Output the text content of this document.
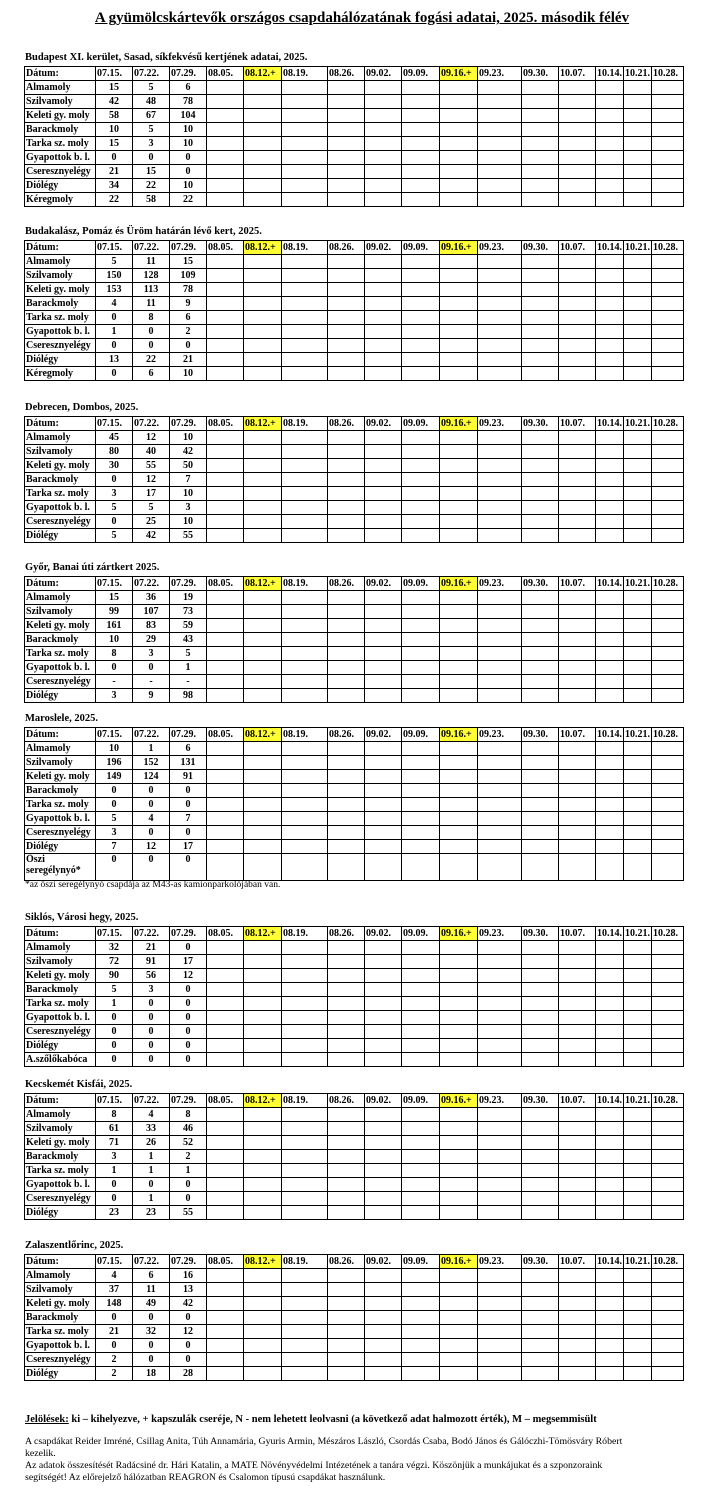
A gyümölcskártevők országos csapdahálózatának fogási adatai, 2025. második félév
Budapest XI. kerület, Sasad, síkfekvésű kertjének adatai, 2025.
Dátum:	07.15.	07.22.	07.29.	08.05.	08.12.+	08.19.	08.26.	09.02.	09.09.	09.16.+	09.23.	09.30.	10.07.	10.14.	10.21.	10.28.
Almamoly	15	5	6													
Szilvamoly	42	48	78													
Keleti gy. moly	58	67	104													
Barackmoly	10	5	10													
Tarka sz. moly	15	3	10													
Gyapottok b. l.	0	0	0													
Cseresznyelégy	21	15	0													
Diólégy	34	22	10													
Kéregmoly	22	58	22													
Budakalász, Pomáz és Üröm határán lévő kert, 2025.
Dátum:	07.15.	07.22.	07.29.	08.05.	08.12.+	08.19.	08.26.	09.02.	09.09.	09.16.+	09.23.	09.30.	10.07.	10.14.	10.21.	10.28.
Almamoly	5	11	15													
Szilvamoly	150	128	109													
Keleti gy. moly	153	113	78													
Barackmoly	4	11	9													
Tarka sz. moly	0	8	6													
Gyapottok b. l.	1	0	2													
Cseresznyelégy	0	0	0													
Diólégy	13	22	21													
Kéregmoly	0	6	10													
Debrecen, Dombos, 2025.
Dátum:	07.15.	07.22.	07.29.	08.05.	08.12.+	08.19.	08.26.	09.02.	09.09.	09.16.+	09.23.	09.30.	10.07.	10.14.	10.21.	10.28.
Almamoly	45	12	10													
Szilvamoly	80	40	42													
Keleti gy. moly	30	55	50													
Barackmoly	0	12	7													
Tarka sz. moly	3	17	10													
Gyapottok b. l.	5	5	3													
Cseresznyelégy	0	25	10													
Diólégy	5	42	55													
Győr, Banai úti zártkert 2025.
Dátum:	07.15.	07.22.	07.29.	08.05.	08.12.+	08.19.	08.26.	09.02.	09.09.	09.16.+	09.23.	09.30.	10.07.	10.14.	10.21.	10.28.
Almamoly	15	36	19													
Szilvamoly	99	107	73													
Keleti gy. moly	161	83	59													
Barackmoly	10	29	43													
Tarka sz. moly	8	3	5													
Gyapottok b. l.	0	0	1													
Cseresznyelégy	-	-	-													
Diólégy	3	9	98													
Maroslele, 2025.
Dátum:	07.15.	07.22.	07.29.	08.05.	08.12.+	08.19.	08.26.	09.02.	09.09.	09.16.+	09.23.	09.30.	10.07.	10.14.	10.21.	10.28.
Almamoly	10	1	6													
Szilvamoly	196	152	131													
Keleti gy. moly	149	124	91													
Barackmoly	0	0	0													
Tarka sz. moly	0	0	0													
Gyapottok b. l.	5	4	7													
Cseresznyelégy	3	0	0													
Diólégy	7	12	17													
Őszi seregélynyó*	0	0	0													
*az őszi seregélynyó csapdája az M43-as kamionparkolójában van.
Siklós, Városi hegy, 2025.
Dátum:	07.15.	07.22.	07.29.	08.05.	08.12.+	08.19.	08.26.	09.02.	09.09.	09.16.+	09.23.	09.30.	10.07.	10.14.	10.21.	10.28.
Almamoly	32	21	0													
Szilvamoly	72	91	17													
Keleti gy. moly	90	56	12													
Barackmoly	5	3	0													
Tarka sz. moly	1	0	0													
Gyapottok b. l.	0	0	0													
Cseresznyelégy	0	0	0													
Diólégy	0	0	0													
A.szőlőkabóca	0	0	0													
Kecskemét Kisfái, 2025.
Dátum:	07.15.	07.22.	07.29.	08.05.	08.12.+	08.19.	08.26.	09.02.	09.09.	09.16.+	09.23.	09.30.	10.07.	10.14.	10.21.	10.28.
Almamoly	8	4	8													
Szilvamoly	61	33	46													
Keleti gy. moly	71	26	52													
Barackmoly	3	1	2													
Tarka sz. moly	1	1	1													
Gyapottok b. l.	0	0	0													
Cseresznyelégy	0	1	0													
Diólégy	23	23	55													
Zalaszentlőrinc, 2025.
Dátum:	07.15.	07.22.	07.29.	08.05.	08.12.+	08.19.	08.26.	09.02.	09.09.	09.16.+	09.23.	09.30.	10.07.	10.14.	10.21.	10.28.
Almamoly	4	6	16													
Szilvamoly	37	11	13													
Keleti gy. moly	148	49	42													
Barackmoly	0	0	0													
Tarka sz. moly	21	32	12													
Gyapottok b. l.	0	0	0													
Cseresznyelégy	2	0	0													
Diólégy	2	18	28													
Jelölések: ki – kihelyezve, + kapszulák cseréje, N - nem lehetett leolvasni (a következő adat halmozott érték), M – megsemmisült

A csapdákat Reider Imréné, Csillag Anita, Túh Annamária, Gyuris Armin, Mészáros László, Csordás Csaba, Bodó János és Gálóczhi-Tömösváry Róbert kezelik.

Az adatok összesítését Radácsiné dr. Hári Katalin, a MATE Növényvédelmi Intézetének a tanára végzi. Köszönjük a munkájukat és a szponzoraink segítségét! Az előrejelző hálózatban REAGRON és Csalomon típusú csapdákat használunk.
